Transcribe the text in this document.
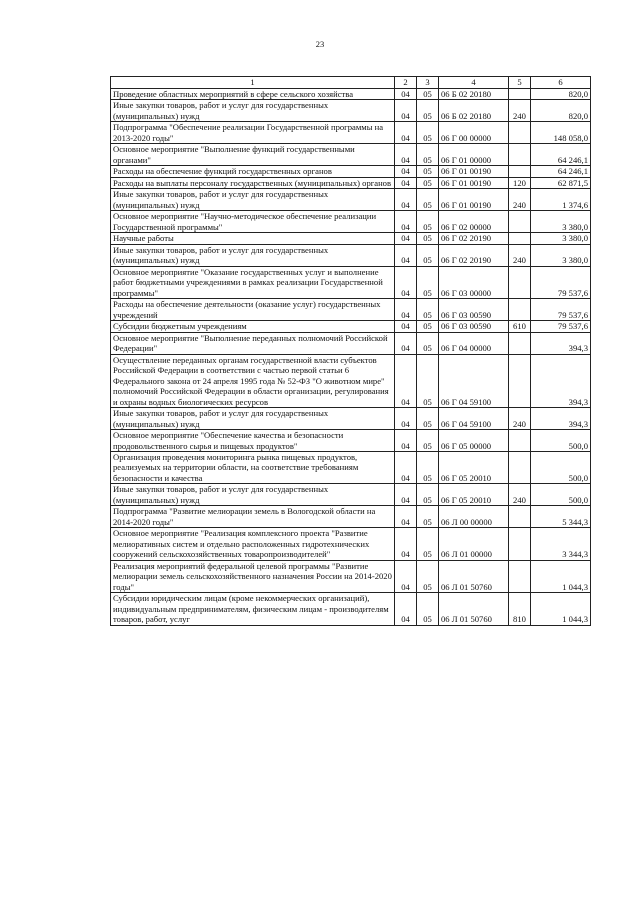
23
1	2	3	4	5	6
Проведение областных мероприятий в сфере сельского хозяйства	04	05	06 Б 02 20180		820,0
Иные закупки товаров, работ и услуг для государственных (муниципальных) нужд	04	05	06 Б 02 20180	240	820,0
Подпрограмма "Обеспечение реализации Государственной программы на 2013-2020 годы"	04	05	06 Г 00 00000		148 058,0
Основное мероприятие "Выполнение функций государственными органами"	04	05	06 Г 01 00000		64 246,1
Расходы на обеспечение функций государственных органов	04	05	06 Г 01 00190		64 246,1
Расходы на выплаты персоналу государственных (муниципальных) органов	04	05	06 Г 01 00190	120	62 871,5
Иные закупки товаров, работ и услуг для государственных (муниципальных) нужд	04	05	06 Г 01 00190	240	1 374,6
Основное мероприятие "Научно-методическое обеспечение реализации Государственной программы"	04	05	06 Г 02 00000		3 380,0
Научные работы	04	05	06 Г 02 20190		3 380,0
Иные закупки товаров, работ и услуг для государственных (муниципальных) нужд	04	05	06 Г 02 20190	240	3 380,0
Основное мероприятие "Оказание государственных услуг и выполнение работ бюджетными учреждениями в рамках реализации Государственной программы"	04	05	06 Г 03 00000		79 537,6
Расходы на обеспечение деятельности (оказание услуг) государственных учреждений	04	05	06 Г 03 00590		79 537,6
Субсидии бюджетным учреждениям	04	05	06 Г 03 00590	610	79 537,6
Основное мероприятие "Выполнение переданных полномочий Российской Федерации"	04	05	06 Г 04 00000		394,3
Осуществление переданных органам государственной власти субъектов Российской Федерации в соответствии с частью первой статьи 6 Федерального закона от 24 апреля 1995 года № 52-ФЗ "О животном мире" полномочий Российской Федерации в области организации, регулирования и охраны водных биологических ресурсов	04	05	06 Г 04 59100		394,3
Иные закупки товаров, работ и услуг для государственных (муниципальных) нужд	04	05	06 Г 04 59100	240	394,3
Основное мероприятие "Обеспечение качества и безопасности продовольственного сырья и пищевых продуктов"	04	05	06 Г 05 00000		500,0
Организация проведения мониторинга рынка пищевых продуктов, реализуемых на территории области, на соответствие требованиям безопасности и качества	04	05	06 Г 05 20010		500,0
Иные закупки товаров, работ и услуг для государственных (муниципальных) нужд	04	05	06 Г 05 20010	240	500,0
Подпрограмма "Развитие мелиорации земель в Вологодской области на 2014-2020 годы"	04	05	06 Л 00 00000		5 344,3
Основное мероприятие "Реализация комплексного проекта "Развитие мелиоративных систем и отдельно расположенных гидротехнических сооружений сельскохозяйственных товаропроизводителей"	04	05	06 Л 01 00000		3 344,3
Реализация мероприятий федеральной целевой программы "Развитие мелиорации земель сельскохозяйственного назначения России на 2014-2020 годы"	04	05	06 Л 01 50760		1 044,3
Субсидии юридическим лицам (кроме некоммерческих организаций), индивидуальным предпринимателям, физическим лицам - производителям товаров, работ, услуг	04	05	06 Л 01 50760	810	1 044,3
